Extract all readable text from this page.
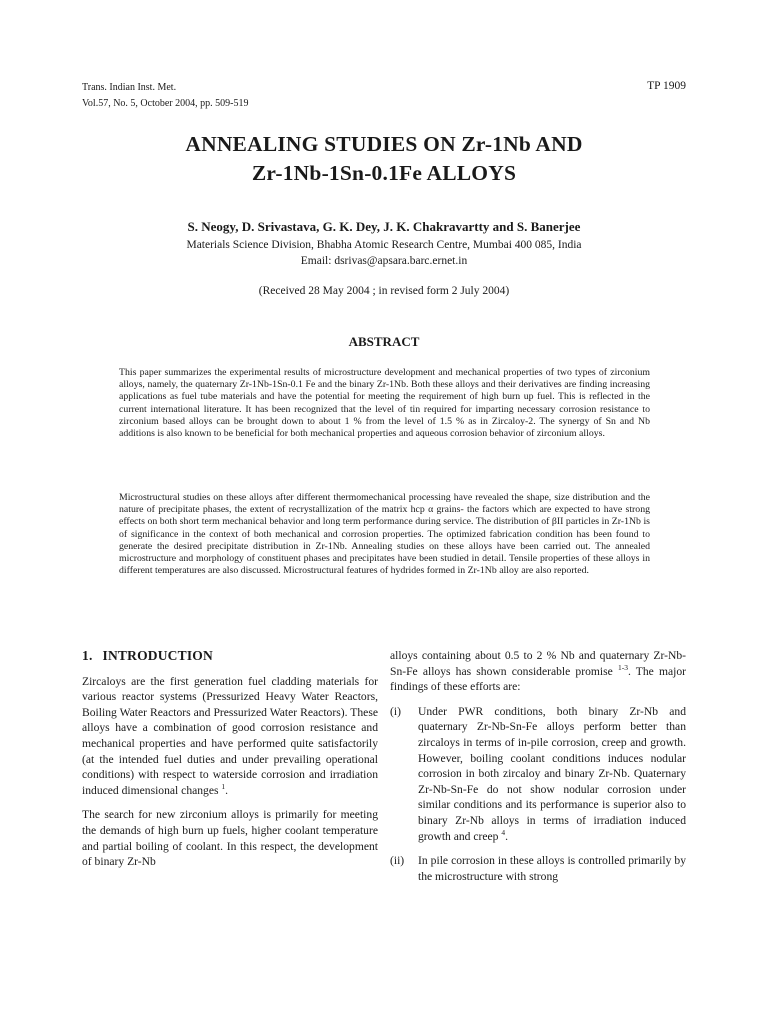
Trans. Indian Inst. Met.
Vol.57, No. 5, October 2004, pp. 509-519
TP 1909
ANNEALING STUDIES ON Zr-1Nb AND
Zr-1Nb-1Sn-0.1Fe ALLOYS
S. Neogy, D. Srivastava, G. K. Dey, J. K. Chakravartty and S. Banerjee
Materials Science Division, Bhabha Atomic Research Centre, Mumbai 400 085, India
Email: dsrivas@apsara.barc.ernet.in
(Received 28 May 2004 ; in revised form 2 July 2004)
ABSTRACT

This paper summarizes the experimental results of microstructure development and mechanical properties of two types of zirconium alloys, namely, the quaternary Zr-1Nb-1Sn-0.1 Fe and the binary Zr-1Nb. Both these alloys and their derivatives are finding increasing applications as fuel tube materials and have the potential for meeting the requirement of high burn up fuel. This is reflected in the current international literature. It has been recognized that the level of tin required for imparting necessary corrosion resistance to zirconium based alloys can be brought down to about 1 % from the level of 1.5 % as in Zircaloy-2. The synergy of Sn and Nb additions is also known to be beneficial for both mechanical properties and aqueous corrosion behavior of zirconium alloys.

Microstructural studies on these alloys after different thermomechanical processing have revealed the shape, size distribution and the nature of precipitate phases, the extent of recrystallization of the matrix hcp α grains- the factors which are expected to have strong effects on both short term mechanical behavior and long term performance during service. The distribution of βII particles in Zr-1Nb is of significance in the context of both mechanical and corrosion properties. The optimized fabrication condition has been found to generate the desired precipitate distribution in Zr-1Nb. Annealing studies on these alloys have been carried out. The annealed microstructure and morphology of constituent phases and precipitates have been studied in detail. Tensile properties of these alloys in different temperatures are also discussed. Microstructural features of hydrides formed in Zr-1Nb alloy are also reported.

1. INTRODUCTION

Zircaloys are the first generation fuel cladding materials for various reactor systems (Pressurized Heavy Water Reactors, Boiling Water Reactors and Pressurized Water Reactors). These alloys have a combination of good corrosion resistance and mechanical properties and have performed quite satisfactorily (at the intended fuel duties and under prevailing operational conditions) with respect to waterside corrosion and irradiation induced dimensional changes $^1$.

The search for new zirconium alloys is primarily for meeting the demands of high burn up fuels, higher coolant temperature and partial boiling of coolant. In this respect, the development of binary Zr-Nb

alloys containing about 0.5 to 2 % Nb and quaternary Zr-Nb-Sn-Fe alloys has shown considerable promise $^{1-3}$. The major findings of these efforts are:

(i)	Under PWR conditions, both binary Zr-Nb and quaternary Zr-Nb-Sn-Fe alloys perform better than zircaloys in terms of in-pile corrosion, creep and growth. However, boiling coolant conditions induces nodular corrosion in both zircaloy and binary Zr-Nb. Quaternary Zr-Nb-Sn-Fe do not show nodular corrosion under similar conditions and its performance is superior also to binary Zr-Nb alloys in terms of irradiation induced growth and creep $^4$.
(ii)	In pile corrosion in these alloys is controlled primarily by the microstructure with strong
